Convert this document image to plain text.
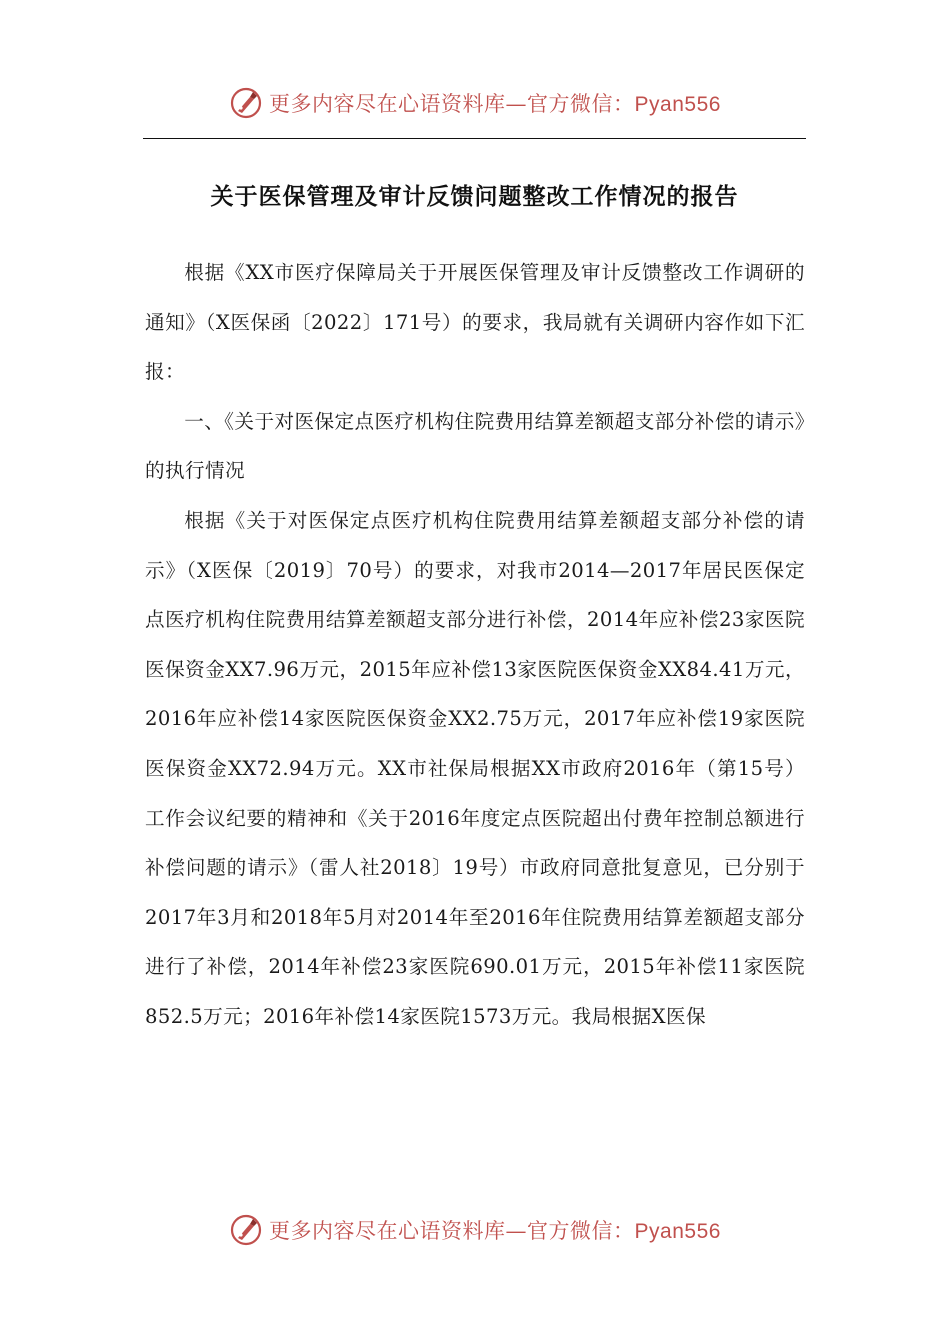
更多内容尽在心语资料库—官方微信：Pyan556
关于医保管理及审计反馈问题整改工作情况的报告

根据《XX市医疗保障局关于开展医保管理及审计反馈整改工作调研的通知》（X医保函〔2022〕171号）的要求，我局就有关调研内容作如下汇报：

一、《关于对医保定点医疗机构住院费用结算差额超支部分补偿的请示》的执行情况

根据《关于对医保定点医疗机构住院费用结算差额超支部分补偿的请示》（X医保〔2019〕70号）的要求，对我市2014—2017年居民医保定点医疗机构住院费用结算差额超支部分进行补偿，2014年应补偿23家医院医保资金XX7.96万元，2015年应补偿13家医院医保资金XX84.41万元，2016年应补偿14家医院医保资金XX2.75万元，2017年应补偿19家医院医保资金XX72.94万元。XX市社保局根据XX市政府2016年（第15号）工作会议纪要的精神和《关于2016年度定点医院超出付费年控制总额进行补偿问题的请示》（雷人社2018〕19号）市政府同意批复意见，已分别于2017年3月和2018年5月对2014年至2016年住院费用结算差额超支部分进行了补偿，2014年补偿23家医院690.01万元，2015年补偿11家医院852.5万元；2016年补偿14家医院1573万元。我局根据X医保

更多内容尽在心语资料库—官方微信：Pyan556
